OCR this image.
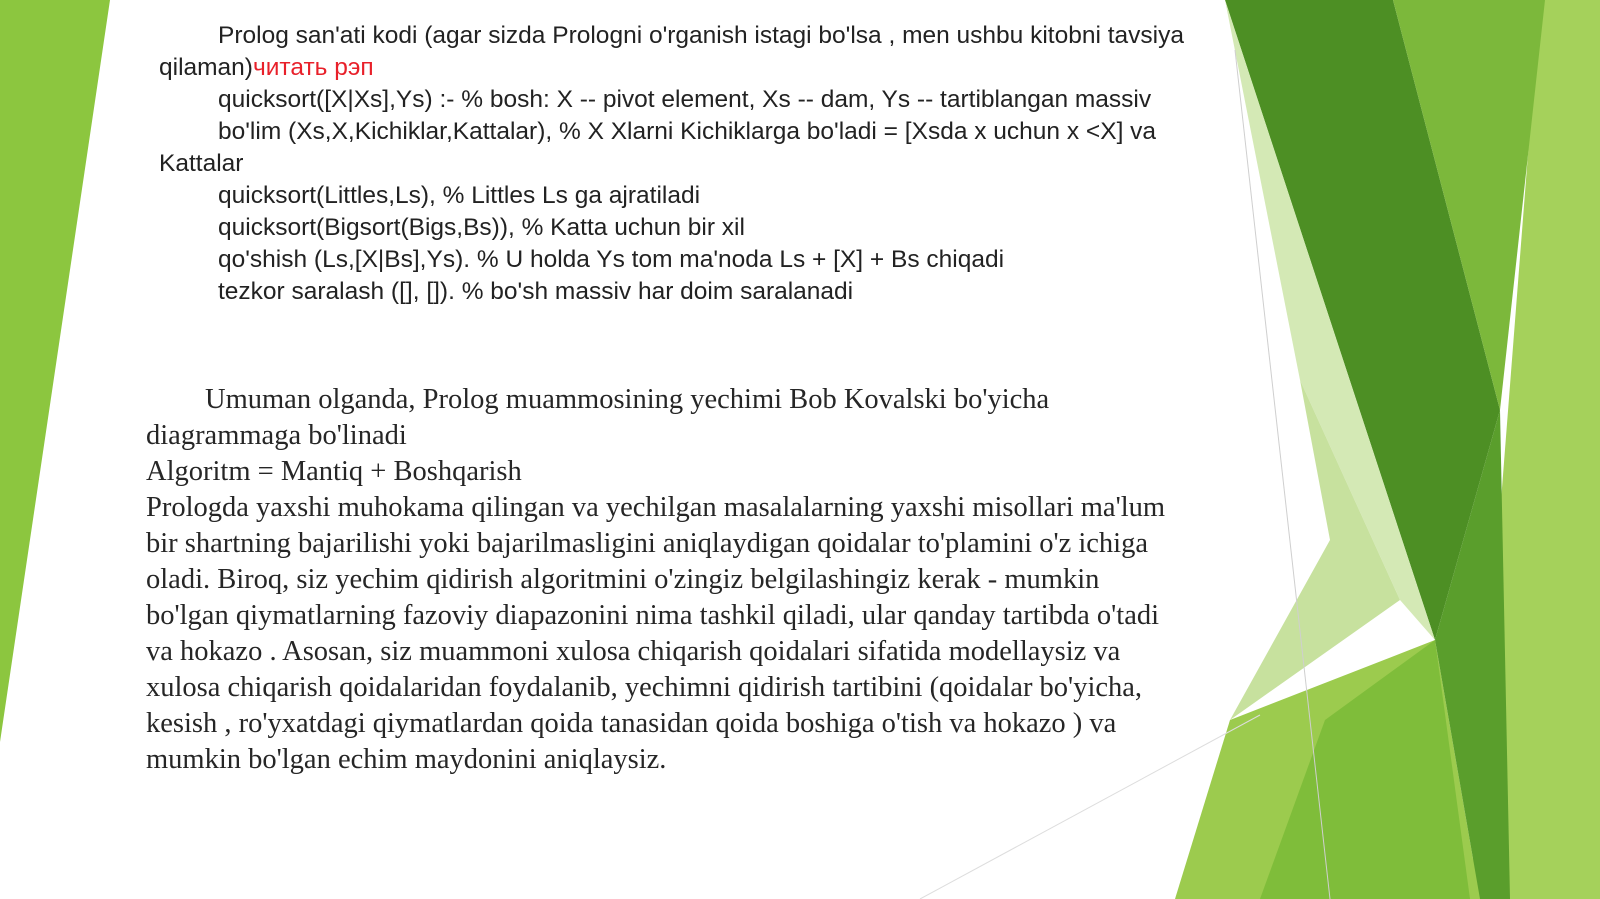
Prolog san'ati kodi (agar sizda Prologni o'rganish istagi bo'lsa , men ushbu kitobni tavsiya qilaman)читать рэп

quicksort([X|Xs],Ys) :- % bosh: X -- pivot element, Xs -- dam, Ys -- tartiblangan massiv

bo'lim (Xs,X,Kichiklar,Kattalar), % X Xlarni Kichiklarga bo'ladi = [Xsda x uchun x <X] va Kattalar

quicksort(Littles,Ls), % Littles Ls ga ajratiladi

quicksort(Bigsort(Bigs,Bs)), % Katta uchun bir xil

qo'shish (Ls,[X|Bs],Ys). % U holda Ys tom ma'noda Ls + [X] + Bs chiqadi

tezkor saralash ([], []). % bo'sh massiv har doim saralanadi

Umuman olganda, Prolog muammosining yechimi Bob Kovalski bo'yicha diagrammaga bo'linadi

Algoritm = Mantiq + Boshqarish

Prologda yaxshi muhokama qilingan va yechilgan masalalarning yaxshi misollari ma'lum bir shartning bajarilishi yoki bajarilmasligini aniqlaydigan qoidalar to'plamini o'z ichiga oladi. Biroq, siz yechim qidirish algoritmini o'zingiz belgilashingiz kerak - mumkin bo'lgan qiymatlarning fazoviy diapazonini nima tashkil qiladi, ular qanday tartibda o'tadi va hokazo . Asosan, siz muammoni xulosa chiqarish qoidalari sifatida modellaysiz va xulosa chiqarish qoidalaridan foydalanib, yechimni qidirish tartibini (qoidalar bo'yicha, kesish , ro'yxatdagi qiymatlardan qoida tanasidan qoida boshiga o'tish va hokazo ) va mumkin bo'lgan echim maydonini aniqlaysiz.
